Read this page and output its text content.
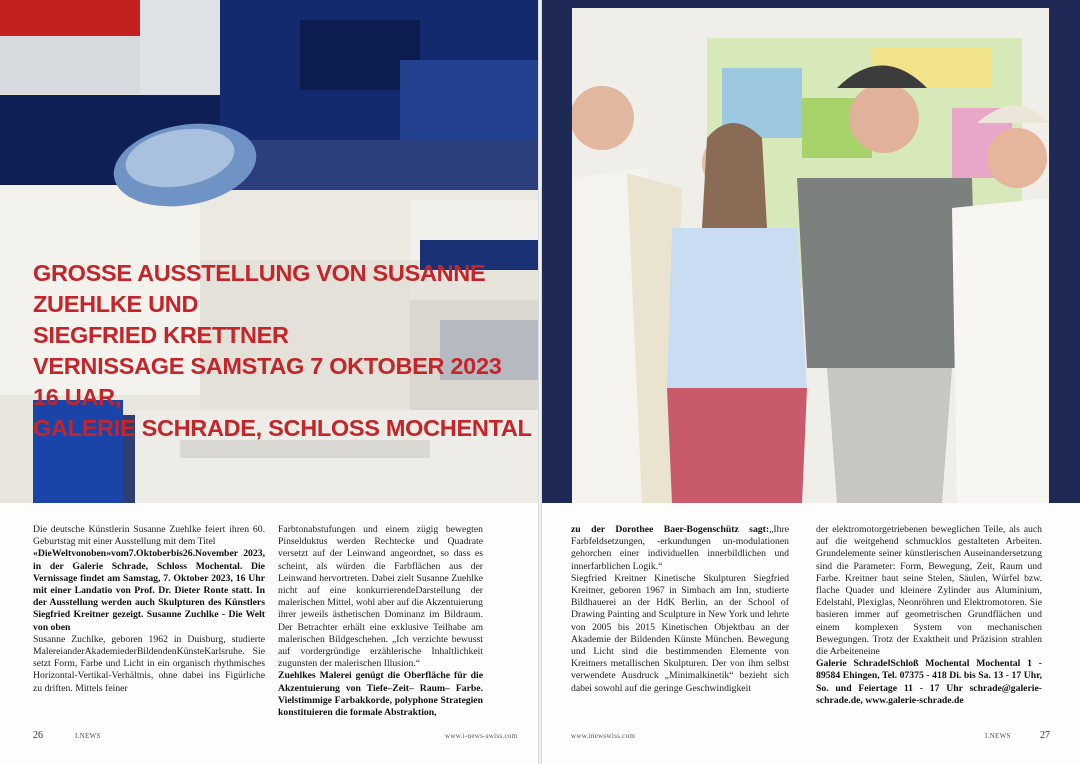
GROSSE AUSSTELLUNG VON SUSANNE ZUEHLKE UND
SIEGFRIED KRETTNER
VERNISSAGE SAMSTAG 7 OKTOBER 2023 16 UAR,
GALERIE SCHRADE, SCHLOSS MOCHENTAL

Die deutsche Künstlerin Susanne Zuehlke feiert ihren 60. Geburtstag mit einer Ausstellung mit dem Titel

«DieWeltvonoben»vom7.Oktoberbis26.November 2023, in der Galerie Schrade, Schloss Mochental. Die Vernissage findet am Samstag, 7. Oktober 2023, 16 Uhr mit einer Landatio von Prof. Dr. Dieter Ronte statt. In der Ausstellung werden auch Skulpturen des Künstlers Siegfried Kreitner gezeigt. Susanne Zuchlke - Die Welt von oben

Susanne Zuchlke, geboren 1962 in Duisburg, studierte MalereianderAkademiederBildendenKünsteKarlsruhe. Sie setzt Form, Farbe und Licht in ein organisch rhythmisches Horizontal-Vertikal-Verhältnis, ohne dabei ins Figürliche zu driften. Mittels feiner

Farbtonabstufungen und einem zügig bewegten Pinselduktus werden Rechtecke und Quadrate versetzt auf der Leinwand angeordnet, so dass es scheint, als würden die Farbflächen aus der Leinwand hervortreten. Dabei zielt Susanne Zuehlke nicht auf eine konkurrierendeDarstellung der malerischen Mittel, wohl aber auf die Akzentuierung ihrer jeweils ästhetischen Dominanz im Bildraum. Der Betrachter erhält eine exklusive Teilhabe am malerischen Bildgeschehen. „Ich verzichte bewusst auf vordergründige erzählerische Inhaltlichkeit zugunsten der malerischen Illusion.“

Zuehlkes Malerei genügt die Oberfläche für die Akzentuierung von Tiefe–Zeit– Raum– Farbe. Vielstimmige Farbakkorde, polyphone Strategien konstituieren die formale Abstraktion,

zu der Dorothee Baer-Bogenschütz sagt:„Ihre Farbfeldsetzungen, -erkundungen un-modulationen gehorchen einer individuellen innerbildlichen und innerfarblichen Logik.“

Siegfried Kreitner Kinetische Skulpturen Siegfried Kreitner, geboren 1967 in Simbach am Inn, studierte Bildhauerei an der HdK Berlin, an der School of Drawing Painting and Sculpture in New York und lehrte von 2005 bis 2015 Kinetischen Objektbau an der Akademie der Bildenden Künste München. Bewegung und Licht sind die bestimmenden Elemente von Kreitners metallischen Skulpturen. Der von ihm selbst verwendete Ausdruck „Minimalkinetik“ bezieht sich dabei sowohl auf die geringe Geschwindigkeit

der elektromotorgetriebenen beweglichen Teile, als auch auf die weitgehend schmucklos gestalteten Arbeiten. Grundelemente seiner künstlerischen Auseinandersetzung sind die Parameter: Form, Bewegung, Zeit, Raum und Farbe. Kreitner baut seine Stelen, Säulen, Würfel bzw. flache Quader und kleinere Zylinder aus Aluminium, Edelstahl, Plexiglas, Neonröhren und Elektromotoren. Sie basieren immer auf geometrischen Grundflächen und einem komplexen System von mechanischen Bewegungen. Trotz der Exaktheit und Präzision strahlen die Arbeiteneine

Galerie Schrade‖Schloß Mochental Mochental 1 - 89584 Ehingen, Tel. 07375 - 418 Di. bis Sa. 13 - 17 Uhr, So. und Feiertage 11 - 17 Uhr schrade@galerie-schrade.de, www.galerie-schrade.de

26	I.NEWS	www.i-news-swiss.com	www.inewswiss.com	I.NEWS	27
